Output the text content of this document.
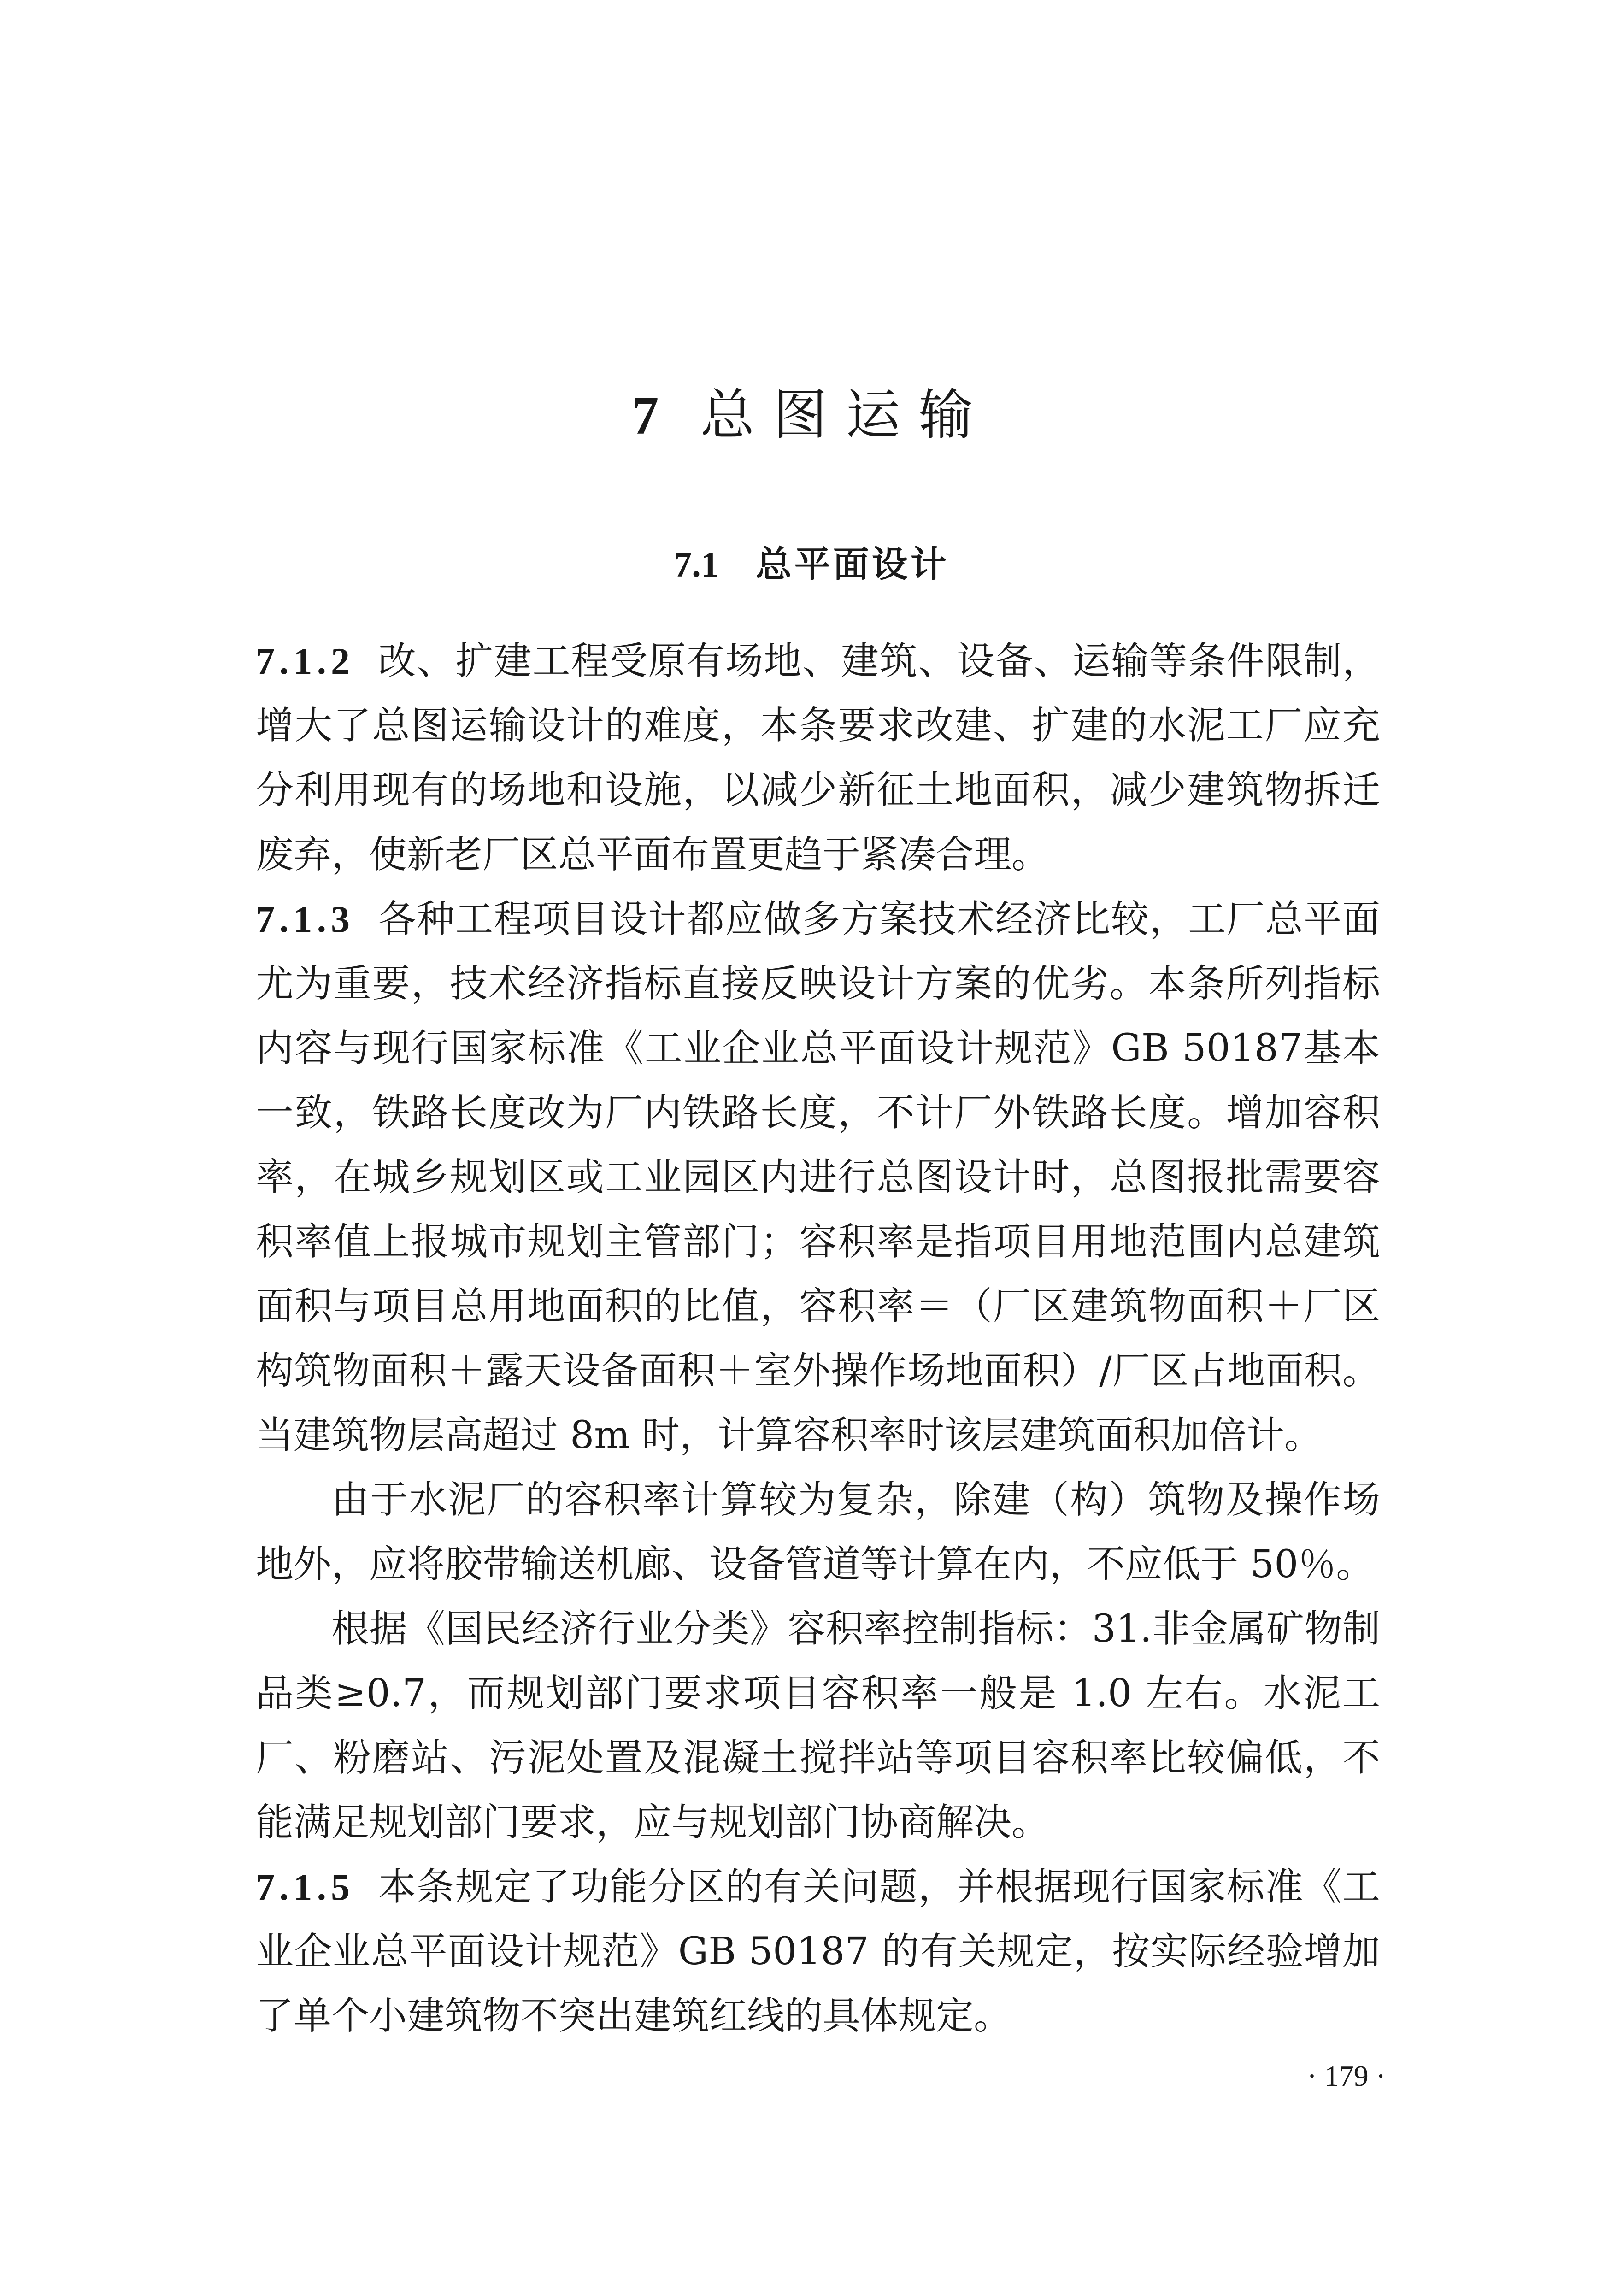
7 总图运输
7.1 总平面设计

7.1.2 改、扩建工程受原有场地、建筑、设备、运输等条件限制，增大了总图运输设计的难度，本条要求改建、扩建的水泥工厂应充分利用现有的场地和设施，以减少新征土地面积，减少建筑物拆迁废弃，使新老厂区总平面布置更趋于紧凑合理。

7.1.3 各种工程项目设计都应做多方案技术经济比较，工厂总平面尤为重要，技术经济指标直接反映设计方案的优劣。本条所列指标内容与现行国家标准《工业企业总平面设计规范》GB 50187基本一致，铁路长度改为厂内铁路长度，不计厂外铁路长度。增加容积率，在城乡规划区或工业园区内进行总图设计时，总图报批需要容积率值上报城市规划主管部门；容积率是指项目用地范围内总建筑面积与项目总用地面积的比值，容积率＝（厂区建筑物面积＋厂区构筑物面积＋露天设备面积＋室外操作场地面积）/厂区占地面积。当建筑物层高超过 8m 时，计算容积率时该层建筑面积加倍计。

由于水泥厂的容积率计算较为复杂，除建（构）筑物及操作场地外，应将胶带输送机廊、设备管道等计算在内，不应低于 50％。

根据《国民经济行业分类》容积率控制指标：31.非金属矿物制品类≥0.7，而规划部门要求项目容积率一般是 1.0 左右。水泥工厂、粉磨站、污泥处置及混凝土搅拌站等项目容积率比较偏低，不能满足规划部门要求，应与规划部门协商解决。

7.1.5 本条规定了功能分区的有关问题，并根据现行国家标准《工业企业总平面设计规范》GB 50187 的有关规定，按实际经验增加了单个小建筑物不突出建筑红线的具体规定。

· 179 ·
